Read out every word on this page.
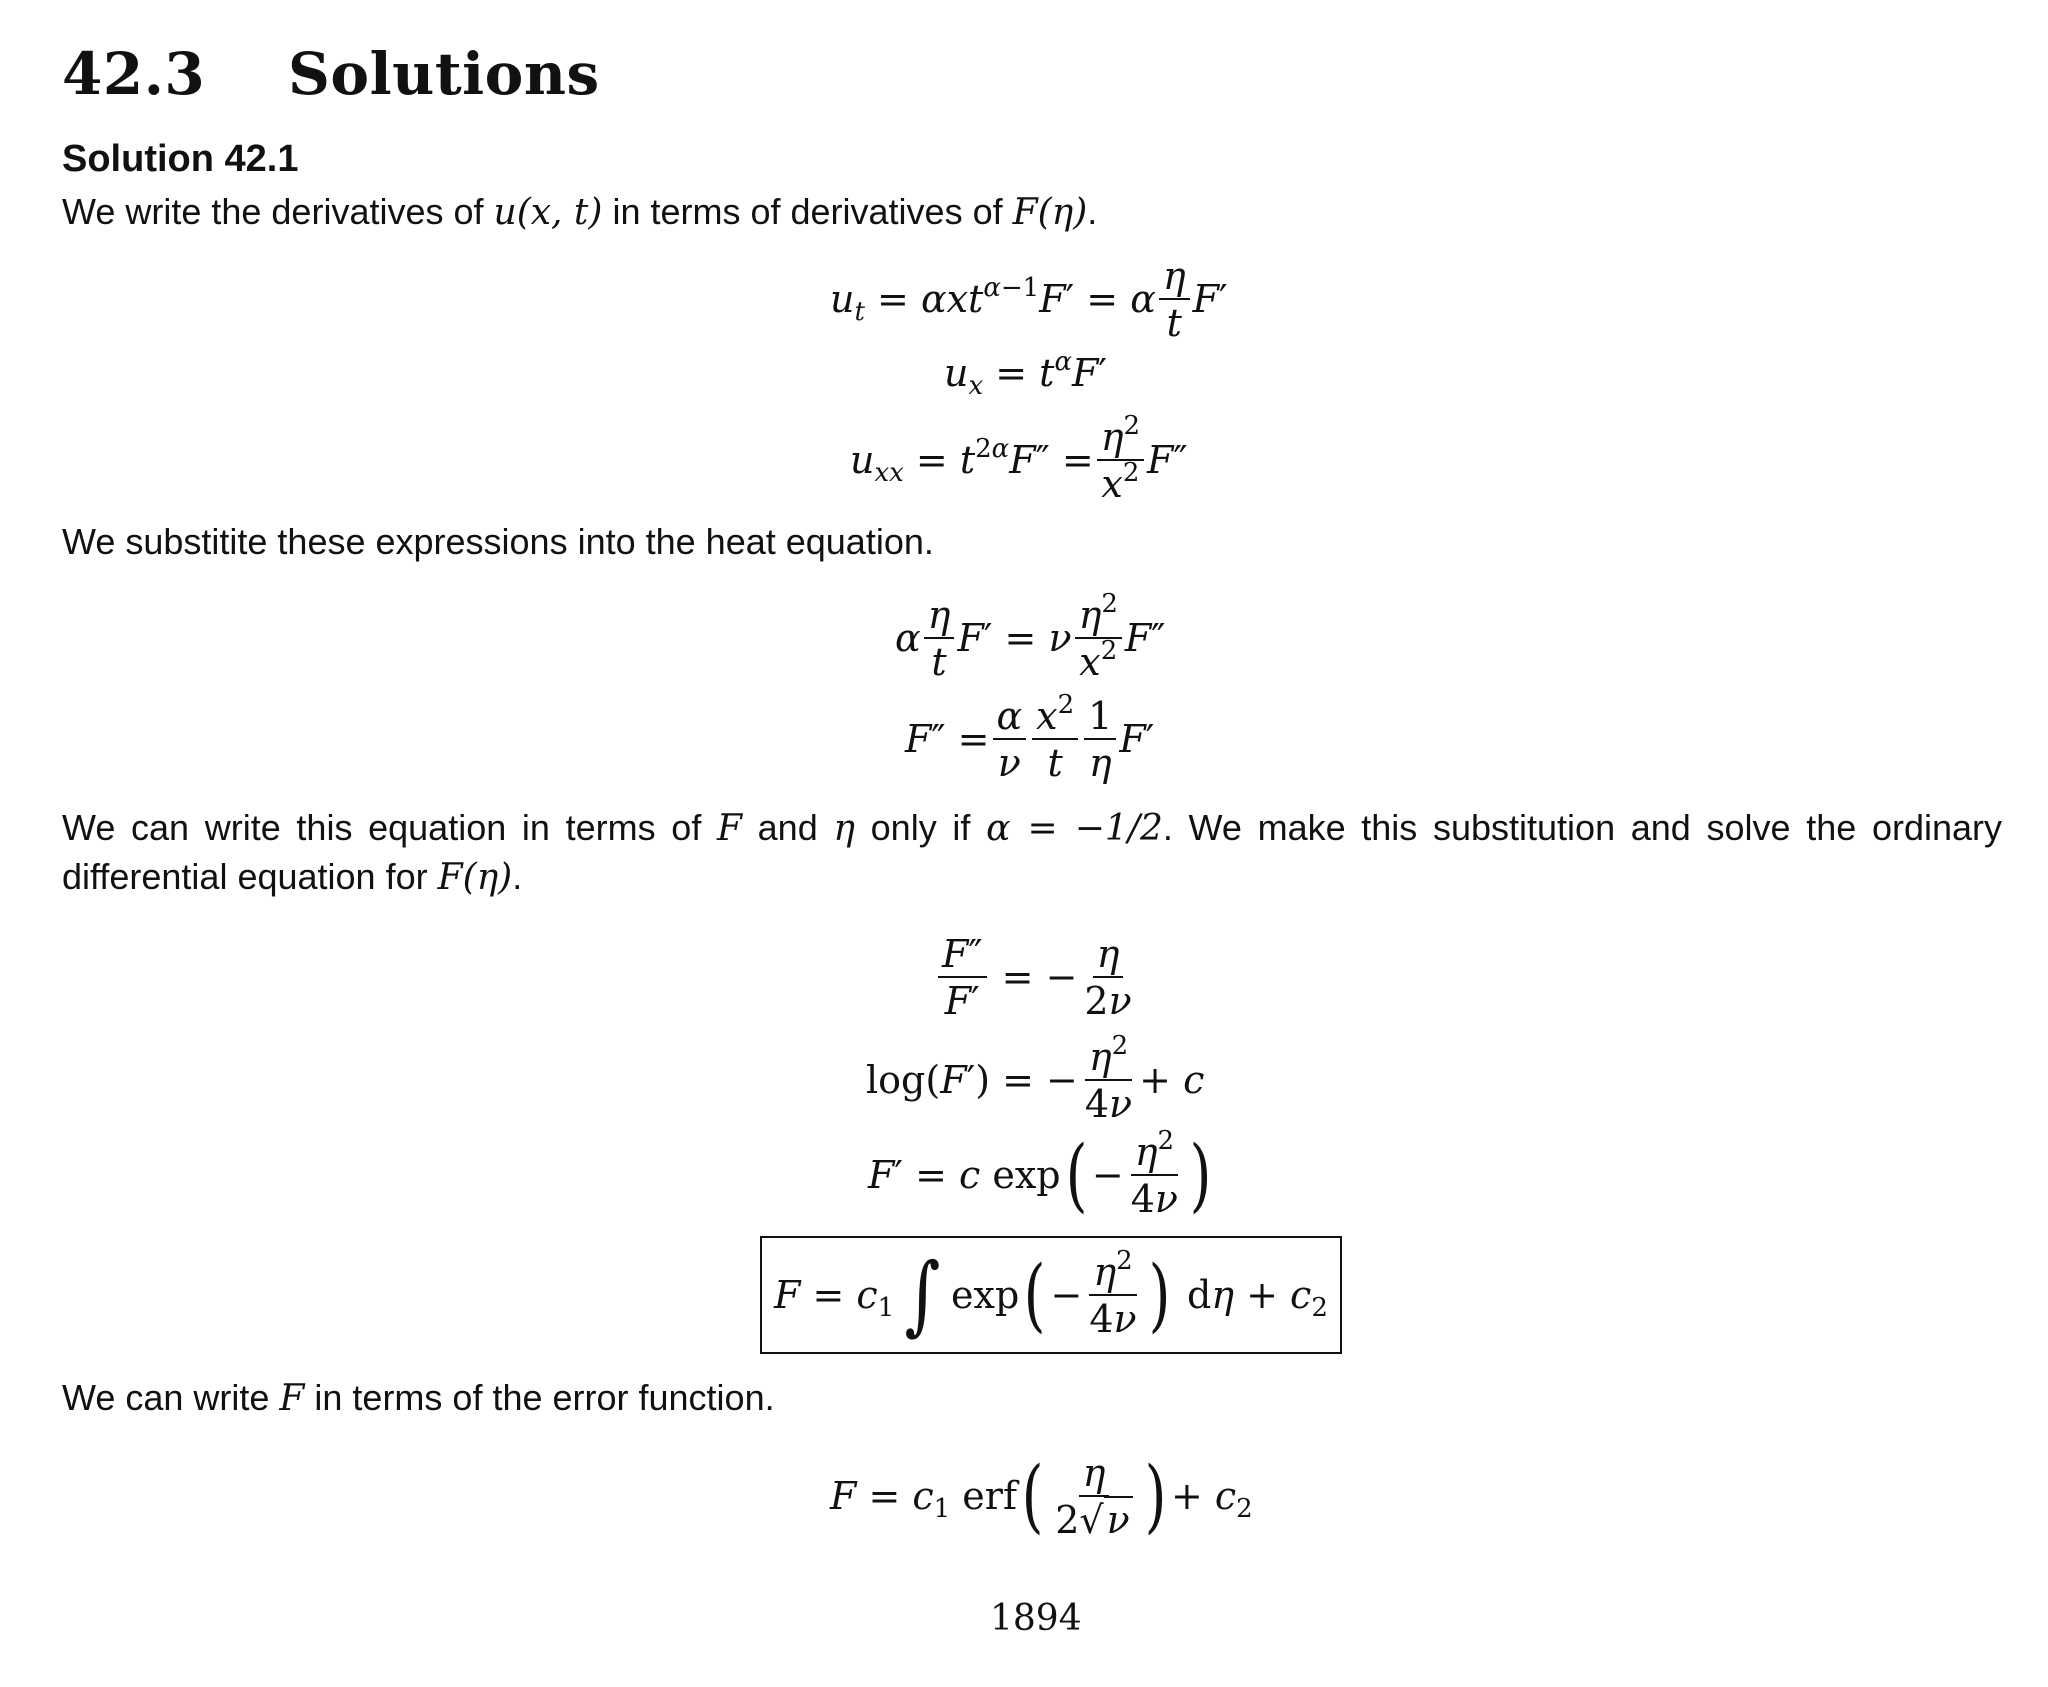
42.3 Solutions
Solution 42.1

We write the derivatives of u(x, t) in terms of derivatives of F(η).

$u_t = \alpha xt^{\alpha-1}F' = \alpha \frac{\eta}{t} F'$
$u_x = t^\alpha F'$
$u_{xx} = t^{2\alpha}F'' = \frac{\eta^2}{x^2} F''$

We substitite these expressions into the heat equation.

α $\frac{\eta}{t} F' = \nu \frac{\eta^2}{x^2} F''$
$F'' = \frac{\alpha}{\nu} \frac{x^2}{t} \frac{1}{\eta} F'$

We can write this equation in terms of F and η only if α = −1/2. We make this substitution and solve the ordinary differential equation for F(η).

$\frac{F''}{F'}$ = − $\frac{\eta}{2\nu}$
log(F′) = − $\frac{\eta^2}{4\nu} + c$
F′ = c exp ( − $\frac{\eta^2}{4\nu}$ )
$F = c_1$ ∫ exp ( − $\frac{\eta^2}{4\nu}$ ) $d\eta + c_2$

We can write F in terms of the error function.

$F = c_1$ erf ( $\frac{\eta}{2√\nu}$ ) + $c_2$
1894
